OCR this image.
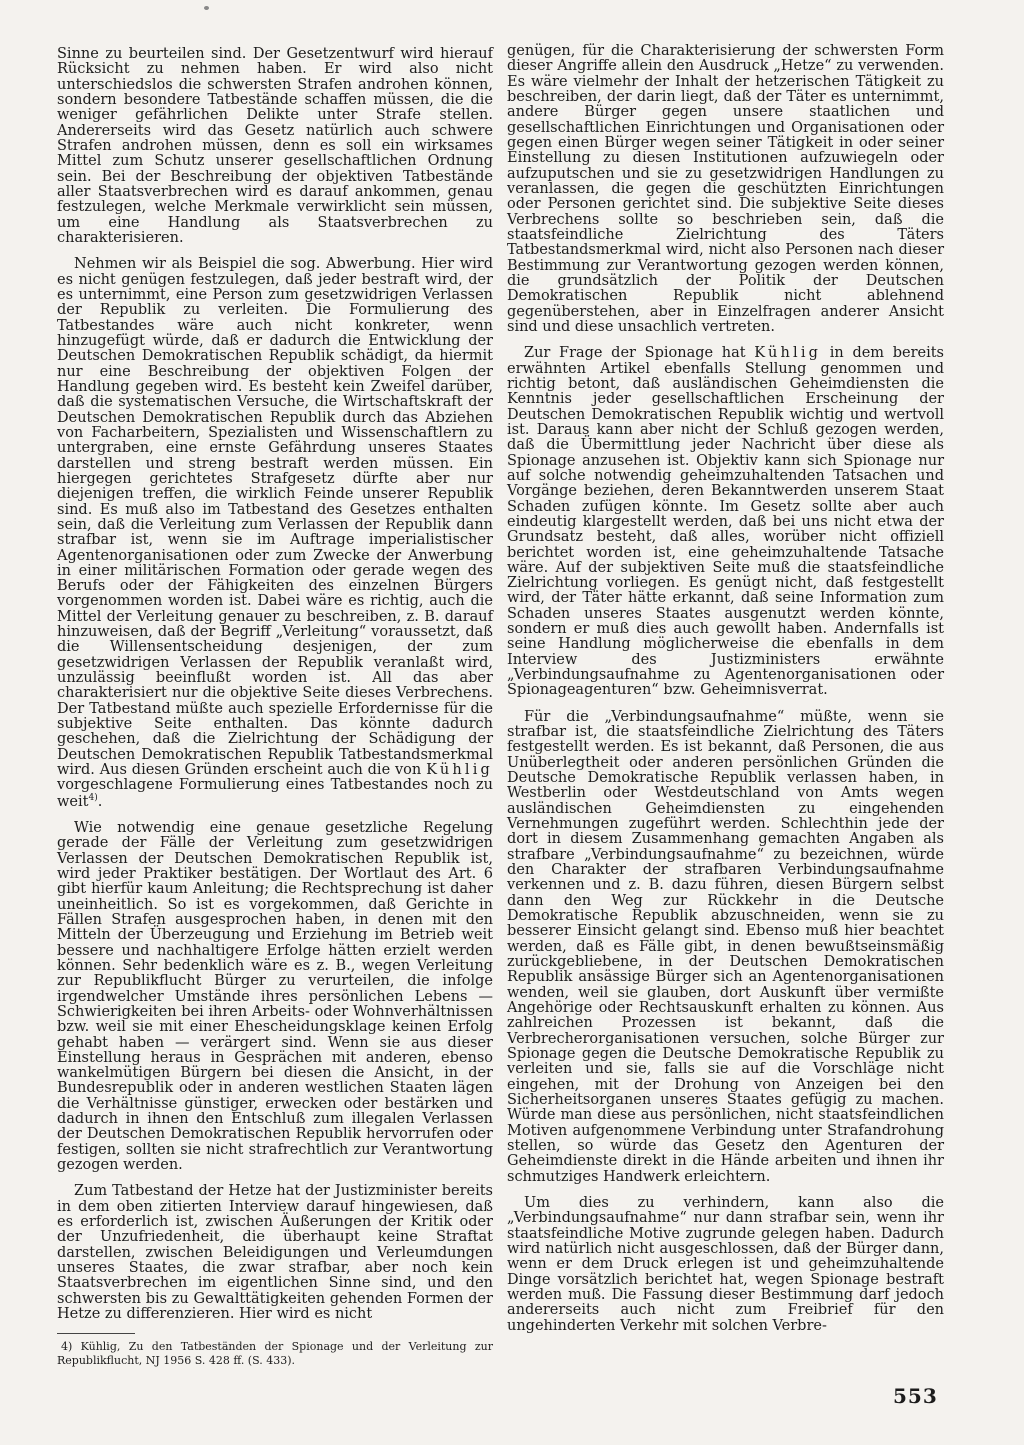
Sinne zu beurteilen sind. Der Gesetzentwurf wird hierauf Rücksicht zu nehmen haben. Er wird also nicht unterschiedslos die schwersten Strafen androhen können, sondern besondere Tatbestände schaffen müssen, die die weniger gefährlichen Delikte unter Strafe stellen. Andererseits wird das Gesetz natürlich auch schwere Strafen androhen müssen, denn es soll ein wirksames Mittel zum Schutz unserer gesellschaftlichen Ordnung sein. Bei der Beschreibung der objektiven Tatbestände aller Staatsverbrechen wird es darauf ankommen, genau festzulegen, welche Merkmale verwirklicht sein müssen, um eine Handlung als Staatsverbrechen zu charakterisieren.

Nehmen wir als Beispiel die sog. Abwerbung. Hier wird es nicht genügen festzulegen, daß jeder bestraft wird, der es unternimmt, eine Person zum gesetzwidrigen Verlassen der Republik zu verleiten. Die Formulierung des Tatbestandes wäre auch nicht konkreter, wenn hinzugefügt würde, daß er dadurch die Entwicklung der Deutschen Demokratischen Republik schädigt, da hiermit nur eine Beschreibung der objektiven Folgen der Handlung gegeben wird. Es besteht kein Zweifel darüber, daß die systematischen Versuche, die Wirtschaftskraft der Deutschen Demokratischen Republik durch das Abziehen von Facharbeitern, Spezialisten und Wissenschaftlern zu untergraben, eine ernste Gefährdung unseres Staates darstellen und streng bestraft werden müssen. Ein hiergegen gerichtetes Strafgesetz dürfte aber nur diejenigen treffen, die wirklich Feinde unserer Republik sind. Es muß also im Tatbestand des Gesetzes enthalten sein, daß die Verleitung zum Verlassen der Republik dann strafbar ist, wenn sie im Auftrage imperialistischer Agentenorganisationen oder zum Zwecke der Anwerbung in einer militärischen Formation oder gerade wegen des Berufs oder der Fähigkeiten des einzelnen Bürgers vorgenommen worden ist. Dabei wäre es richtig, auch die Mittel der Verleitung genauer zu beschreiben, z. B. darauf hinzuweisen, daß der Begriff „Verleitung“ voraussetzt, daß die Willensentscheidung desjenigen, der zum gesetzwidrigen Verlassen der Republik veranlaßt wird, unzulässig beeinflußt worden ist. All das aber charakterisiert nur die objektive Seite dieses Verbrechens. Der Tatbestand müßte auch spezielle Erfordernisse für die subjektive Seite enthalten. Das könnte dadurch geschehen, daß die Zielrichtung der Schädigung der Deutschen Demokratischen Republik Tatbestandsmerkmal wird. Aus diesen Gründen erscheint auch die von Kühlig vorgeschlagene Formulierung eines Tatbestandes noch zu weit$^{4)}$.

Wie notwendig eine genaue gesetzliche Regelung gerade der Fälle der Verleitung zum gesetzwidrigen Verlassen der Deutschen Demokratischen Republik ist, wird jeder Praktiker bestätigen. Der Wortlaut des Art. 6 gibt hierfür kaum Anleitung; die Rechtsprechung ist daher uneinheitlich. So ist es vorgekommen, daß Gerichte in Fällen Strafen ausgesprochen haben, in denen mit den Mitteln der Überzeugung und Erziehung im Betrieb weit bessere und nachhaltigere Erfolge hätten erzielt werden können. Sehr bedenklich wäre es z. B., wegen Verleitung zur Republikflucht Bürger zu verurteilen, die infolge irgendwelcher Umstände ihres persönlichen Lebens — Schwierigkeiten bei ihren Arbeits- oder Wohnverhältnissen bzw. weil sie mit einer Ehescheidungsklage keinen Erfolg gehabt haben — verärgert sind. Wenn sie aus dieser Einstellung heraus in Gesprächen mit anderen, ebenso wankelmütigen Bürgern bei diesen die Ansicht, in der Bundesrepublik oder in anderen westlichen Staaten lägen die Verhältnisse günstiger, erwecken oder bestärken und dadurch in ihnen den Entschluß zum illegalen Verlassen der Deutschen Demokratischen Republik hervorrufen oder festigen, sollten sie nicht strafrechtlich zur Verantwortung gezogen werden.

Zum Tatbestand der Hetze hat der Justizminister bereits in dem oben zitierten Interview darauf hingewiesen, daß es erforderlich ist, zwischen Äußerungen der Kritik oder der Unzufriedenheit, die überhaupt keine Straftat darstellen, zwischen Beleidigungen und Verleumdungen unseres Staates, die zwar strafbar, aber noch kein Staatsverbrechen im eigentlichen Sinne sind, und den schwersten bis zu Gewalttätigkeiten gehenden Formen der Hetze zu differenzieren. Hier wird es nicht

4) Kühlig, Zu den Tatbeständen der Spionage und der Verleitung zur Republikflucht, NJ 1956 S. 428 ff. (S. 433).

genügen, für die Charakterisierung der schwersten Form dieser Angriffe allein den Ausdruck „Hetze“ zu verwenden. Es wäre vielmehr der Inhalt der hetzerischen Tätigkeit zu beschreiben, der darin liegt, daß der Täter es unternimmt, andere Bürger gegen unsere staatlichen und gesellschaftlichen Einrichtungen und Organisationen oder gegen einen Bürger wegen seiner Tätigkeit in oder seiner Einstellung zu diesen Institutionen aufzuwiegeln oder aufzuputschen und sie zu gesetzwidrigen Handlungen zu veranlassen, die gegen die geschützten Einrichtungen oder Personen gerichtet sind. Die subjektive Seite dieses Verbrechens sollte so beschrieben sein, daß die staatsfeindliche Zielrichtung des Täters Tatbestandsmerkmal wird, nicht also Personen nach dieser Bestimmung zur Verantwortung gezogen werden können, die grundsätzlich der Politik der Deutschen Demokratischen Republik nicht ablehnend gegenüberstehen, aber in Einzelfragen anderer Ansicht sind und diese unsachlich vertreten.

Zur Frage der Spionage hat Kühlig in dem bereits erwähnten Artikel ebenfalls Stellung genommen und richtig betont, daß ausländischen Geheimdiensten die Kenntnis jeder gesellschaftlichen Erscheinung der Deutschen Demokratischen Republik wichtig und wertvoll ist. Daraus kann aber nicht der Schluß gezogen werden, daß die Übermittlung jeder Nachricht über diese als Spionage anzusehen ist. Objektiv kann sich Spionage nur auf solche notwendig geheimzuhaltenden Tatsachen und Vorgänge beziehen, deren Bekanntwerden unserem Staat Schaden zufügen könnte. Im Gesetz sollte aber auch eindeutig klargestellt werden, daß bei uns nicht etwa der Grundsatz besteht, daß alles, worüber nicht offiziell berichtet worden ist, eine geheimzuhaltende Tatsache wäre. Auf der subjektiven Seite muß die staatsfeindliche Zielrichtung vorliegen. Es genügt nicht, daß festgestellt wird, der Täter hätte erkannt, daß seine Information zum Schaden unseres Staates ausgenutzt werden könnte, sondern er muß dies auch gewollt haben. Andernfalls ist seine Handlung möglicherweise die ebenfalls in dem Interview des Justizministers erwähnte „Verbindungsaufnahme zu Agentenorganisationen oder Spionageagenturen“ bzw. Geheimnisverrat.

Für die „Verbindungsaufnahme“ müßte, wenn sie strafbar ist, die staatsfeindliche Zielrichtung des Täters festgestellt werden. Es ist bekannt, daß Personen, die aus Unüberlegtheit oder anderen persönlichen Gründen die Deutsche Demokratische Republik verlassen haben, in Westberlin oder Westdeutschland von Amts wegen ausländischen Geheimdiensten zu eingehenden Vernehmungen zugeführt werden. Schlechthin jede der dort in diesem Zusammenhang gemachten Angaben als strafbare „Verbindungsaufnahme“ zu bezeichnen, würde den Charakter der strafbaren Verbindungsaufnahme verkennen und z. B. dazu führen, diesen Bürgern selbst dann den Weg zur Rückkehr in die Deutsche Demokratische Republik abzuschneiden, wenn sie zu besserer Einsicht gelangt sind. Ebenso muß hier beachtet werden, daß es Fälle gibt, in denen bewußtseinsmäßig zurückgebliebene, in der Deutschen Demokratischen Republik ansässige Bürger sich an Agentenorganisationen wenden, weil sie glauben, dort Auskunft über vermißte Angehörige oder Rechtsauskunft erhalten zu können. Aus zahlreichen Prozessen ist bekannt, daß die Verbrecherorganisationen versuchen, solche Bürger zur Spionage gegen die Deutsche Demokratische Republik zu verleiten und sie, falls sie auf die Vorschläge nicht eingehen, mit der Drohung von Anzeigen bei den Sicherheitsorganen unseres Staates gefügig zu machen. Würde man diese aus persönlichen, nicht staatsfeindlichen Motiven aufgenommene Verbindung unter Strafandrohung stellen, so würde das Gesetz den Agenturen der Geheimdienste direkt in die Hände arbeiten und ihnen ihr schmutziges Handwerk erleichtern.

Um dies zu verhindern, kann also die „Verbindungsaufnahme“ nur dann strafbar sein, wenn ihr staatsfeindliche Motive zugrunde gelegen haben. Dadurch wird natürlich nicht ausgeschlossen, daß der Bürger dann, wenn er dem Druck erlegen ist und geheimzuhaltende Dinge vorsätzlich berichtet hat, wegen Spionage bestraft werden muß. Die Fassung dieser Bestimmung darf jedoch andererseits auch nicht zum Freibrief für den ungehinderten Verkehr mit solchen Verbre-

553
